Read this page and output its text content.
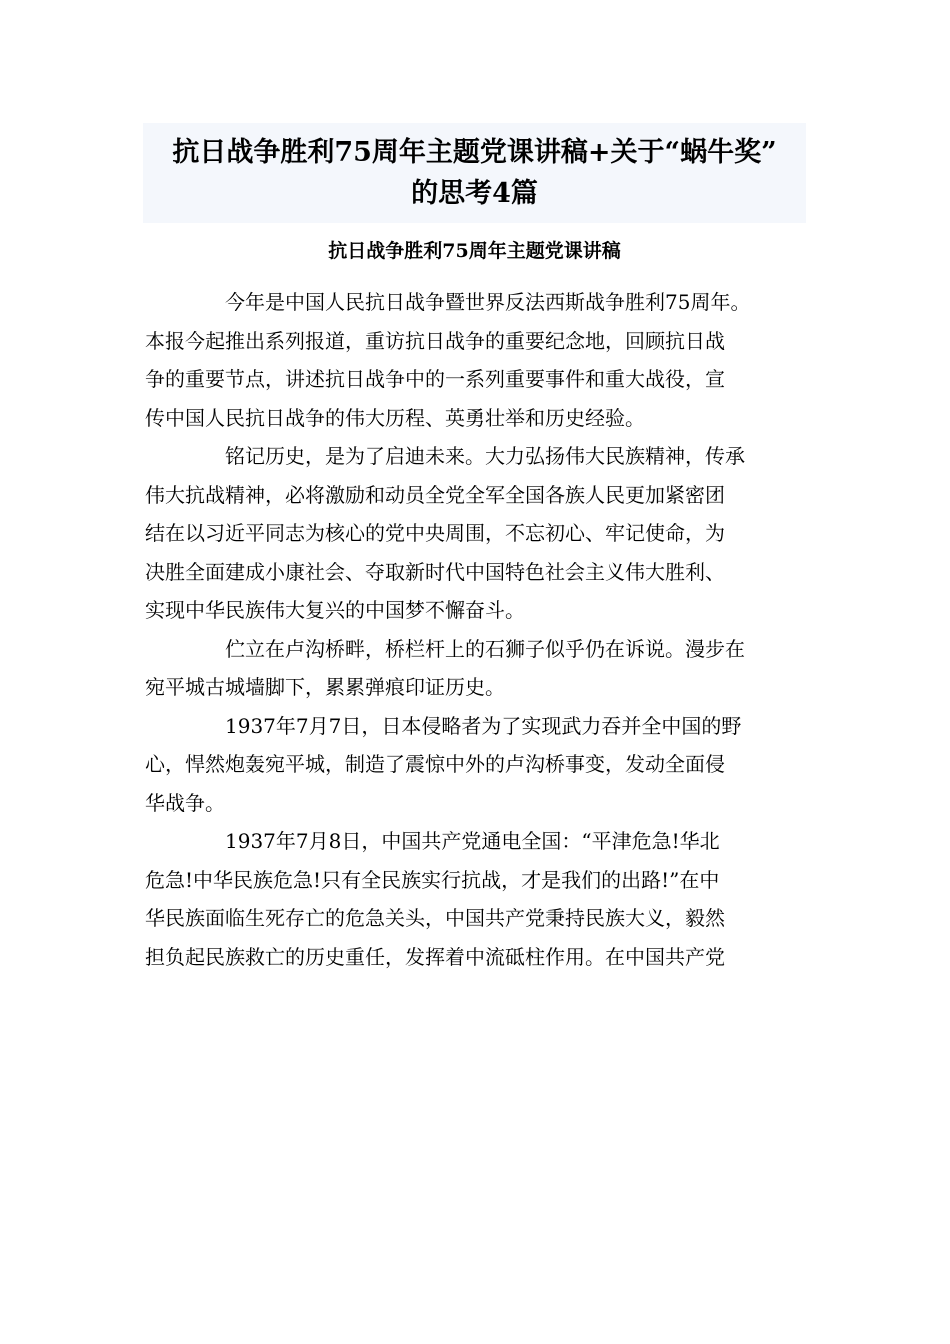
抗日战争胜利75周年主题党课讲稿+关于“蜗牛奖”
的思考4篇
抗日战争胜利75周年主题党课讲稿
今年是中国人民抗日战争暨世界反法西斯战争胜利75周年。
本报今起推出系列报道，重访抗日战争的重要纪念地，回顾抗日战
争的重要节点，讲述抗日战争中的一系列重要事件和重大战役，宣
传中国人民抗日战争的伟大历程、英勇壮举和历史经验。
铭记历史，是为了启迪未来。大力弘扬伟大民族精神，传承
伟大抗战精神，必将激励和动员全党全军全国各族人民更加紧密团
结在以习近平同志为核心的党中央周围，不忘初心、牢记使命，为
决胜全面建成小康社会、夺取新时代中国特色社会主义伟大胜利、
实现中华民族伟大复兴的中国梦不懈奋斗。
伫立在卢沟桥畔，桥栏杆上的石狮子似乎仍在诉说。漫步在
宛平城古城墙脚下，累累弹痕印证历史。
1937年7月7日，日本侵略者为了实现武力吞并全中国的野
心，悍然炮轰宛平城，制造了震惊中外的卢沟桥事变，发动全面侵
华战争。
1937年7月8日，中国共产党通电全国：“平津危急!华北
危急!中华民族危急!只有全民族实行抗战，才是我们的出路!”在中
华民族面临生死存亡的危急关头，中国共产党秉持民族大义，毅然
担负起民族救亡的历史重任，发挥着中流砥柱作用。在中国共产党
